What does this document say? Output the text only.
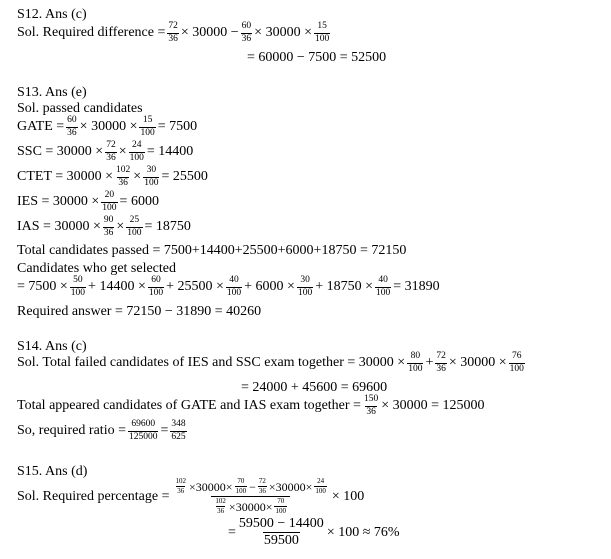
S12. Ans (c)
Sol. Required difference = $\frac{72}{36} \times 30000 - \frac{60}{36} \times 30000 \times \frac{15}{100}$
= 60000 − 7500 = 52500
S13. Ans (e)
Sol. passed candidates
GATE = $\frac{60}{36} \times 30000 \times \frac{15}{100} = 7500$
SSC = $30000 \times \frac{72}{36} \times \frac{24}{100} = 14400$
CTET = $30000 \times \frac{102}{36} \times \frac{30}{100} = 25500$
IES = $30000 \times \frac{20}{100} = 6000$
IAS = $30000 \times \frac{90}{36} \times \frac{25}{100} = 18750$
Total candidates passed = 7500+14400+25500+6000+18750 = 72150
Candidates who get selected
= $7500 \times \frac{50}{100} + 14400 \times \frac{60}{100} + 25500 \times \frac{40}{100} + 6000 \times \frac{30}{100} + 18750 \times \frac{40}{100} = 31890$
Required answer = 72150 − 31890 = 40260
S14. Ans (c)
Sol. Total failed candidates of IES and SSC exam together = $30000 \times \frac{80}{100} + \frac{72}{36} \times 30000 \times \frac{76}{100}$
= 24000 + 45600 = 69600
Total appeared candidates of GATE and IAS exam together = $\frac{150}{36} \times 30000 = 125000$
So, required ratio = $\frac{69600}{125000} = \frac{348}{625}$
S15. Ans (d)
Sol. Required percentage =
$\frac{102}{36} \times 30000\times \frac{70}{100} - \frac{72}{36} \times 30000\times \frac{24}{100}$
$\frac{102}{36} \times 30000\times \frac{70}{100}$
× 100
= $\frac{59500 - 14400}{59500} \times 100 \approx 76\%$
